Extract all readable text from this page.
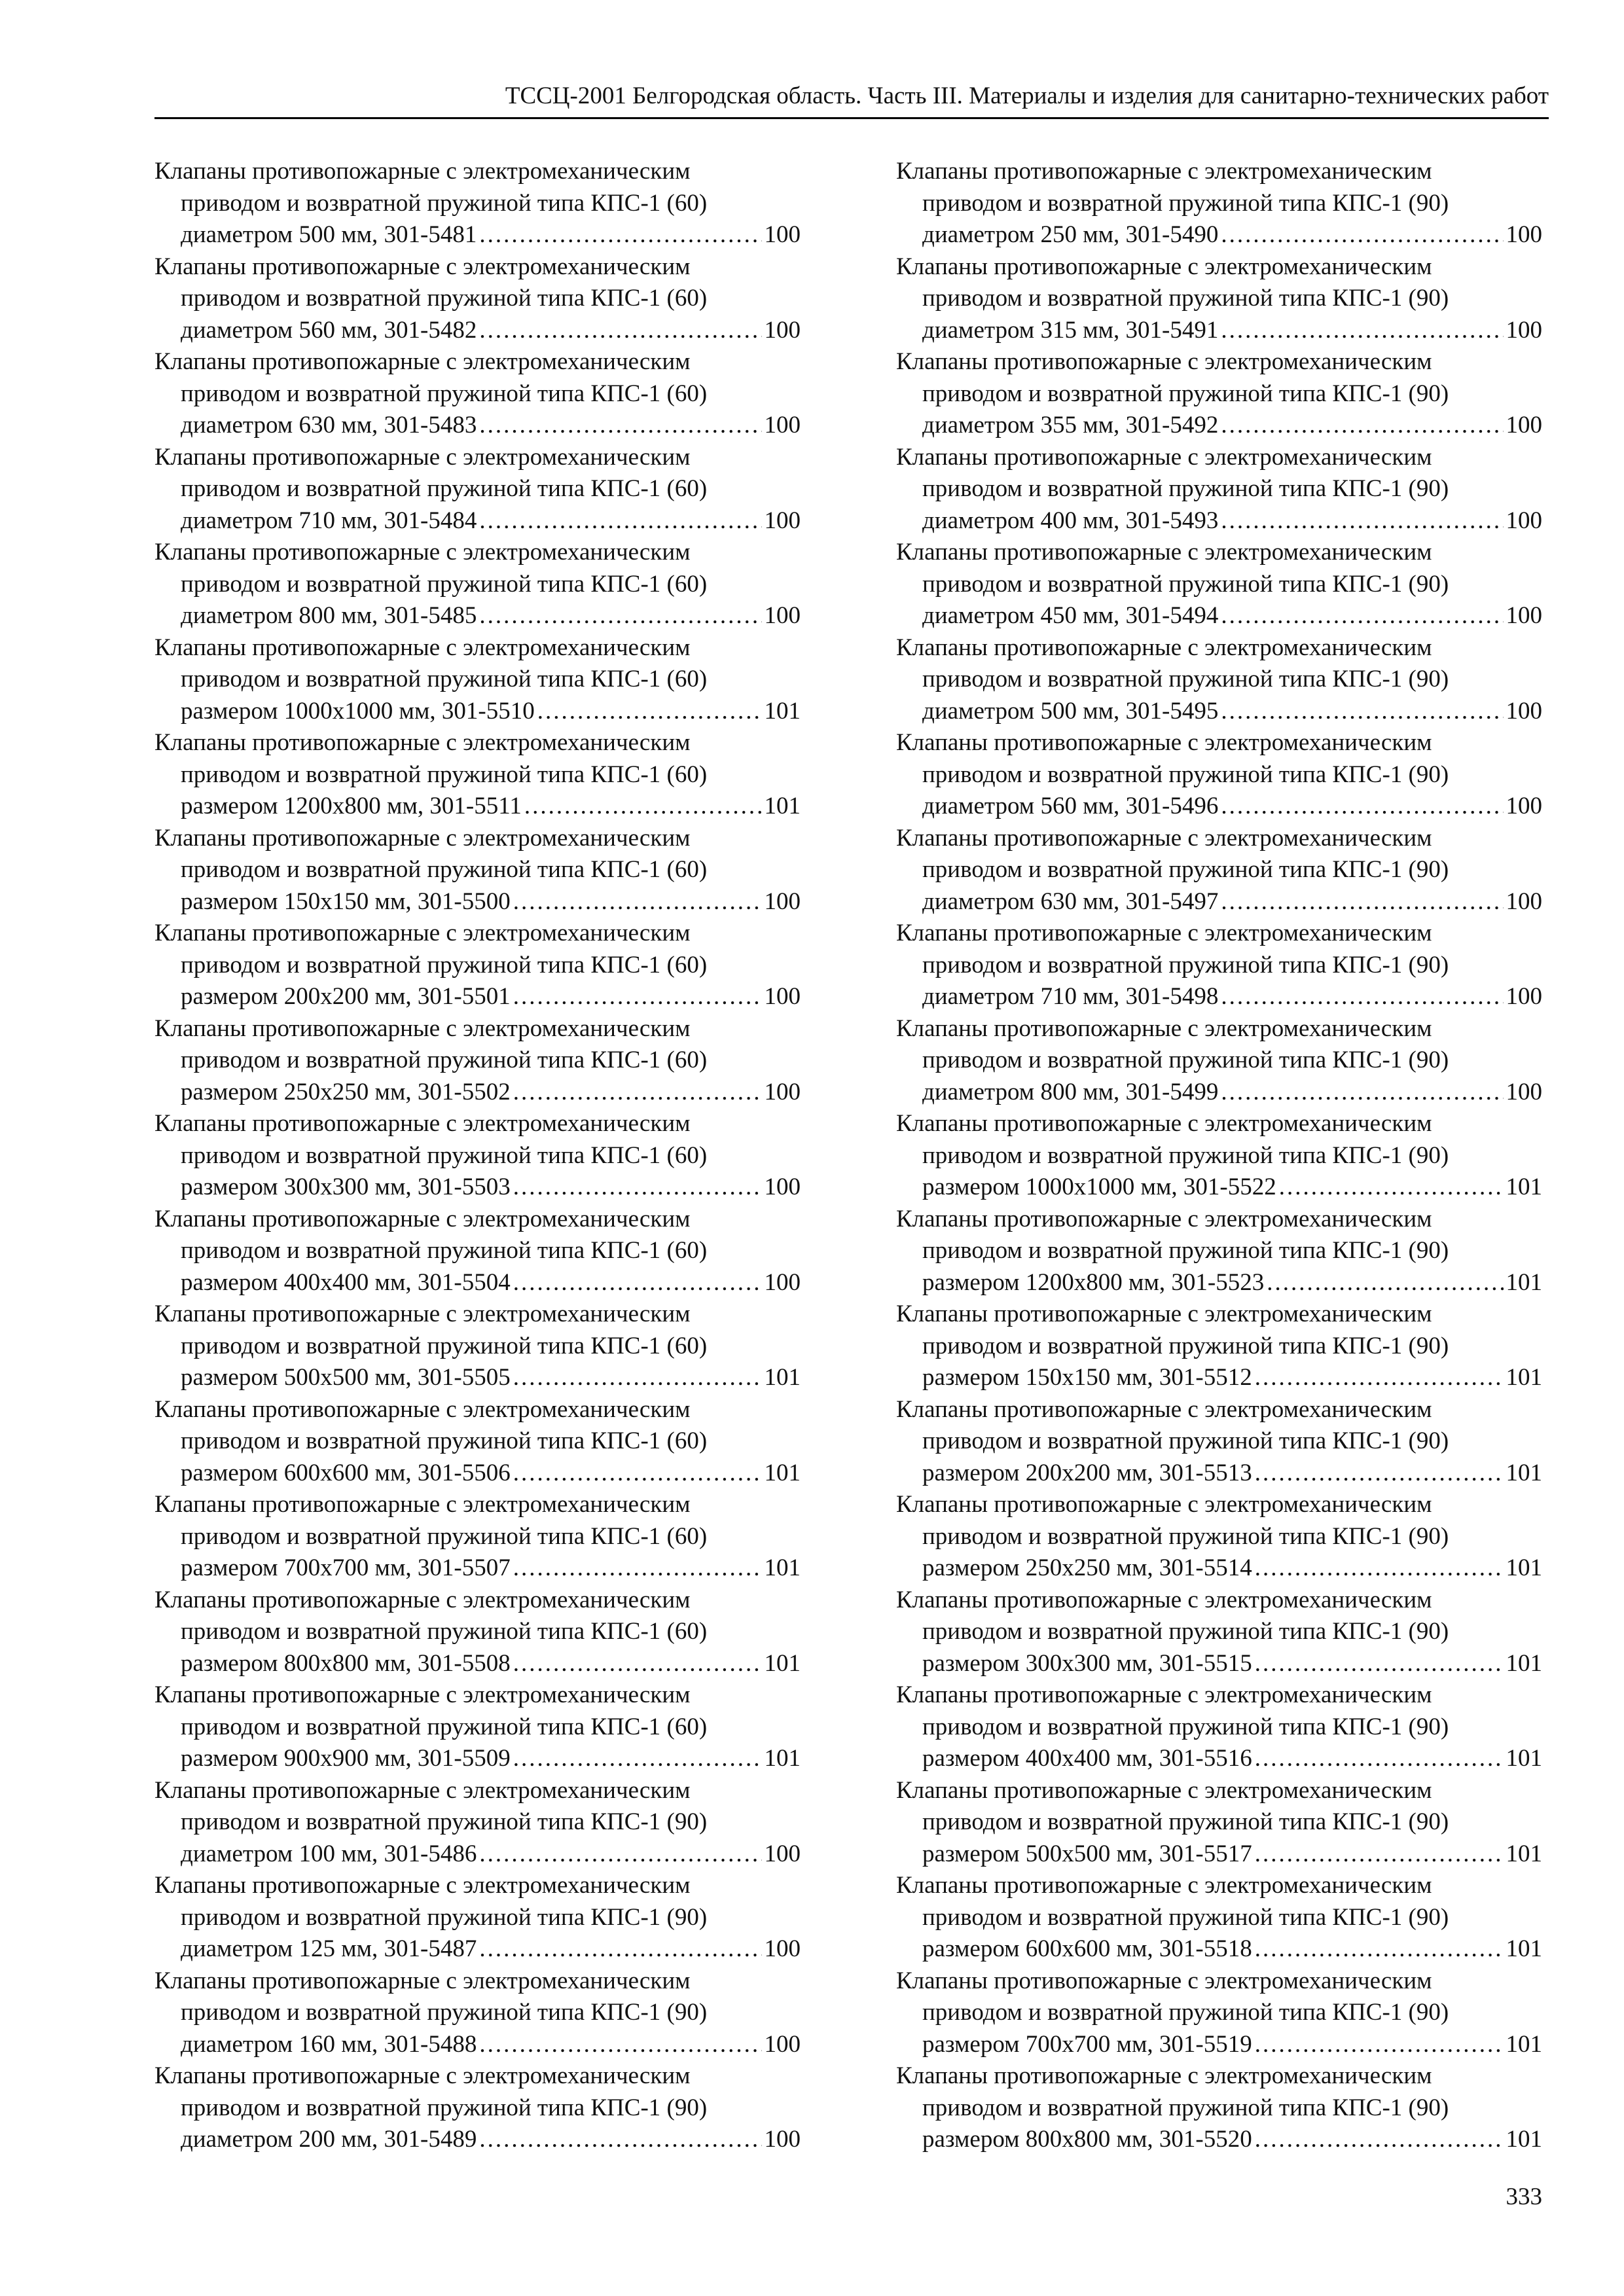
ТССЦ-2001 Белгородская область. Часть III. Материалы и изделия для санитарно-технических работ
Клапаны противопожарные с электромеханическим
приводом и возвратной пружиной типа КПС-1 (60)
диаметром 500 мм, 301-5481 .....	100
Клапаны противопожарные с электромеханическим
приводом и возвратной пружиной типа КПС-1 (60)
диаметром 560 мм, 301-5482 .....	100
Клапаны противопожарные с электромеханическим
приводом и возвратной пружиной типа КПС-1 (60)
диаметром 630 мм, 301-5483 .....	100
Клапаны противопожарные с электромеханическим
приводом и возвратной пружиной типа КПС-1 (60)
диаметром 710 мм, 301-5484 .....	100
Клапаны противопожарные с электромеханическим
приводом и возвратной пружиной типа КПС-1 (60)
диаметром 800 мм, 301-5485 .....	100
Клапаны противопожарные с электромеханическим
приводом и возвратной пружиной типа КПС-1 (60)
размером 1000x1000 мм, 301-5510 .....	101
Клапаны противопожарные с электромеханическим
приводом и возвратной пружиной типа КПС-1 (60)
размером 1200x800 мм, 301-5511 .....	101
Клапаны противопожарные с электромеханическим
приводом и возвратной пружиной типа КПС-1 (60)
размером 150x150 мм, 301-5500 .....	100
Клапаны противопожарные с электромеханическим
приводом и возвратной пружиной типа КПС-1 (60)
размером 200x200 мм, 301-5501 .....	100
Клапаны противопожарные с электромеханическим
приводом и возвратной пружиной типа КПС-1 (60)
размером 250x250 мм, 301-5502 .....	100
Клапаны противопожарные с электромеханическим
приводом и возвратной пружиной типа КПС-1 (60)
размером 300x300 мм, 301-5503 .....	100
Клапаны противопожарные с электромеханическим
приводом и возвратной пружиной типа КПС-1 (60)
размером 400x400 мм, 301-5504 .....	100
Клапаны противопожарные с электромеханическим
приводом и возвратной пружиной типа КПС-1 (60)
размером 500x500 мм, 301-5505 .....	101
Клапаны противопожарные с электромеханическим
приводом и возвратной пружиной типа КПС-1 (60)
размером 600x600 мм, 301-5506 .....	101
Клапаны противопожарные с электромеханическим
приводом и возвратной пружиной типа КПС-1 (60)
размером 700x700 мм, 301-5507 .....	101
Клапаны противопожарные с электромеханическим
приводом и возвратной пружиной типа КПС-1 (60)
размером 800x800 мм, 301-5508 .....	101
Клапаны противопожарные с электромеханическим
приводом и возвратной пружиной типа КПС-1 (60)
размером 900x900 мм, 301-5509 .....	101
Клапаны противопожарные с электромеханическим
приводом и возвратной пружиной типа КПС-1 (90)
диаметром 100 мм, 301-5486 .....	100
Клапаны противопожарные с электромеханическим
приводом и возвратной пружиной типа КПС-1 (90)
диаметром 125 мм, 301-5487 .....	100
Клапаны противопожарные с электромеханическим
приводом и возвратной пружиной типа КПС-1 (90)
диаметром 160 мм, 301-5488 .....	100
Клапаны противопожарные с электромеханическим
приводом и возвратной пружиной типа КПС-1 (90)
диаметром 200 мм, 301-5489 .....	100
Клапаны противопожарные с электромеханическим
приводом и возвратной пружиной типа КПС-1 (90)
диаметром 250 мм, 301-5490 .....	100
Клапаны противопожарные с электромеханическим
приводом и возвратной пружиной типа КПС-1 (90)
диаметром 315 мм, 301-5491 .....	100
Клапаны противопожарные с электромеханическим
приводом и возвратной пружиной типа КПС-1 (90)
диаметром 355 мм, 301-5492 .....	100
Клапаны противопожарные с электромеханическим
приводом и возвратной пружиной типа КПС-1 (90)
диаметром 400 мм, 301-5493 .....	100
Клапаны противопожарные с электромеханическим
приводом и возвратной пружиной типа КПС-1 (90)
диаметром 450 мм, 301-5494 .....	100
Клапаны противопожарные с электромеханическим
приводом и возвратной пружиной типа КПС-1 (90)
диаметром 500 мм, 301-5495 .....	100
Клапаны противопожарные с электромеханическим
приводом и возвратной пружиной типа КПС-1 (90)
диаметром 560 мм, 301-5496 .....	100
Клапаны противопожарные с электромеханическим
приводом и возвратной пружиной типа КПС-1 (90)
диаметром 630 мм, 301-5497 .....	100
Клапаны противопожарные с электромеханическим
приводом и возвратной пружиной типа КПС-1 (90)
диаметром 710 мм, 301-5498 .....	100
Клапаны противопожарные с электромеханическим
приводом и возвратной пружиной типа КПС-1 (90)
диаметром 800 мм, 301-5499 .....	100
Клапаны противопожарные с электромеханическим
приводом и возвратной пружиной типа КПС-1 (90)
размером 1000x1000 мм, 301-5522 .....	101
Клапаны противопожарные с электромеханическим
приводом и возвратной пружиной типа КПС-1 (90)
размером 1200x800 мм, 301-5523 .....	101
Клапаны противопожарные с электромеханическим
приводом и возвратной пружиной типа КПС-1 (90)
размером 150x150 мм, 301-5512 .....	101
Клапаны противопожарные с электромеханическим
приводом и возвратной пружиной типа КПС-1 (90)
размером 200x200 мм, 301-5513 .....	101
Клапаны противопожарные с электромеханическим
приводом и возвратной пружиной типа КПС-1 (90)
размером 250x250 мм, 301-5514 .....	101
Клапаны противопожарные с электромеханическим
приводом и возвратной пружиной типа КПС-1 (90)
размером 300x300 мм, 301-5515 .....	101
Клапаны противопожарные с электромеханическим
приводом и возвратной пружиной типа КПС-1 (90)
размером 400x400 мм, 301-5516 .....	101
Клапаны противопожарные с электромеханическим
приводом и возвратной пружиной типа КПС-1 (90)
размером 500x500 мм, 301-5517 .....	101
Клапаны противопожарные с электромеханическим
приводом и возвратной пружиной типа КПС-1 (90)
размером 600x600 мм, 301-5518 .....	101
Клапаны противопожарные с электромеханическим
приводом и возвратной пружиной типа КПС-1 (90)
размером 700x700 мм, 301-5519 .....	101
Клапаны противопожарные с электромеханическим
приводом и возвратной пружиной типа КПС-1 (90)
размером 800x800 мм, 301-5520 .....	101
333
